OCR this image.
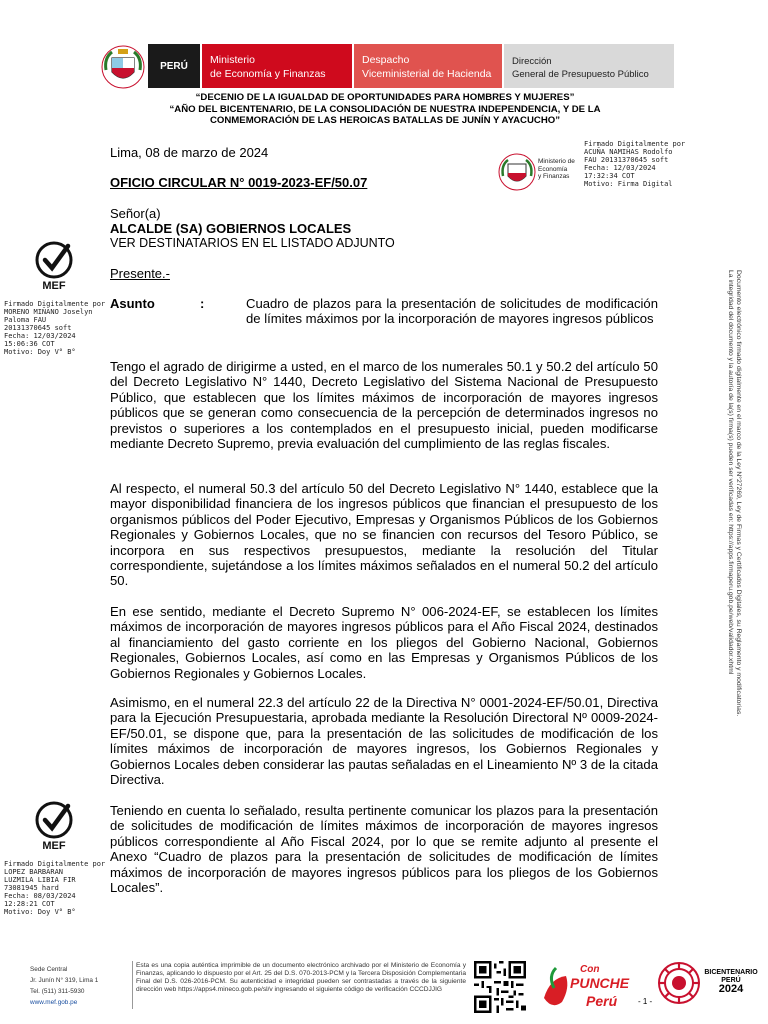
PERÚ	Ministerio
de Economía y Finanzas
Despacho
Viceministerial de Hacienda
Dirección
General de Presupuesto Público
“DECENIO DE LA IGUALDAD DE OPORTUNIDADES PARA HOMBRES Y MUJERES”
“AÑO DEL BICENTENARIO, DE LA CONSOLIDACIÓN DE NUESTRA INDEPENDENCIA, Y DE LA
CONMEMORACIÓN DE LAS HEROICAS BATALLAS DE JUNÍN Y AYACUCHO”
Lima, 08 de marzo de 2024
OFICIO CIRCULAR N° 0019-2023-EF/50.07
Señor(a)
ALCALDE (SA) GOBIERNOS LOCALES
VER DESTINATARIOS EN EL LISTADO ADJUNTO
Presente.-
Asunto	:	Cuadro de plazos para la presentación de solicitudes de modificación de límites máximos por la incorporación de mayores ingresos públicos
Tengo el agrado de dirigirme a usted, en el marco de los numerales 50.1 y 50.2 del artículo 50 del Decreto Legislativo N° 1440, Decreto Legislativo del Sistema Nacional de Presupuesto Público, que establecen que los límites máximos de incorporación de mayores ingresos públicos que se generan como consecuencia de la percepción de determinados ingresos no previstos o superiores a los contemplados en el presupuesto inicial, pueden modificarse mediante Decreto Supremo, previa evaluación del cumplimiento de las reglas fiscales.
Al respecto, el numeral 50.3 del artículo 50 del Decreto Legislativo N° 1440, establece que la mayor disponibilidad financiera de los ingresos públicos que financian el presupuesto de los organismos públicos del Poder Ejecutivo, Empresas y Organismos Públicos de los Gobiernos Regionales y Gobiernos Locales, que no se financien con recursos del Tesoro Público, se incorpora en sus respectivos presupuestos, mediante la resolución del Titular correspondiente, sujetándose a los límites máximos señalados en el numeral 50.2 del artículo 50.
En ese sentido, mediante el Decreto Supremo N° 006-2024-EF, se establecen los límites máximos de incorporación de mayores ingresos públicos para el Año Fiscal 2024, destinados al financiamiento del gasto corriente en los pliegos del Gobierno Nacional, Gobiernos Regionales, Gobiernos Locales, así como en las Empresas y Organismos Públicos de los Gobiernos Regionales y Gobiernos Locales.
Asimismo, en el numeral 22.3 del artículo 22 de la Directiva N° 0001-2024-EF/50.01, Directiva para la Ejecución Presupuestaria, aprobada mediante la Resolución Directoral Nº 0009-2024-EF/50.01, se dispone que, para la presentación de las solicitudes de modificación de los límites máximos de incorporación de mayores ingresos, los Gobiernos Regionales y Gobiernos Locales deben considerar las pautas señaladas en el Lineamiento Nº 3 de la citada Directiva.
Teniendo en cuenta lo señalado, resulta pertinente comunicar los plazos para la presentación de solicitudes de modificación de límites máximos de incorporación de mayores ingresos públicos correspondiente al Año Fiscal 2024, por lo que se remite adjunto al presente el Anexo “Cuadro de plazos para la presentación de solicitudes de modificación de límites máximos de incorporación de mayores ingresos públicos para los pliegos de los Gobiernos Locales”.
MEF
Firmado Digitalmente por
MORENO MIÑANO Joselyn
Paloma FAU
20131370645 soft
Fecha: 12/03/2024
15:06:36 COT
Motivo: Doy V° B°
MEF
Firmado Digitalmente por
LOPEZ BARBARAN
LUZMILA LIBIA FIR
73081945 hard
Fecha: 08/03/2024
12:28:21 COT
Motivo: Doy V° B°
Ministerio de
Economía
y Finanzas
Firmado Digitalmente por
ACUÑA NAMIHAS Rodolfo
FAU 20131370645 soft
Fecha: 12/03/2024
17:32:34 COT
Motivo: Firma Digital
Documento electrónico firmado digitalmente en el marco de la Ley N°27269, Ley de Firmas y Certificados Digitales, su Reglamento y modificatorias.
La integridad del documento y la autoría de la(s) firma(s) pueden ser verificadas en: https://apps.firmaperu.gob.pe/web/validador.xhtml
Sede Central
Jr. Junín N° 319, Lima 1
Tel. (511) 311-5930
www.mef.gob.pe
Esta es una copia auténtica imprimible de un documento electrónico archivado por el Ministerio de Economía y Finanzas, aplicando lo dispuesto por el Art. 25 del D.S. 070-2013-PCM y la Tercera Disposición Complementaria Final del D.S. 026-2016-PCM. Su autenticidad e integridad pueden ser contrastadas a través de la siguiente dirección web https://apps4.mineco.gob.pe/sl/v ingresando el siguiente código de verificación CCCDJJIG
Con
PUNCHE
Perú	- 1 -
BICENTENARIO
PERÚ
2024
